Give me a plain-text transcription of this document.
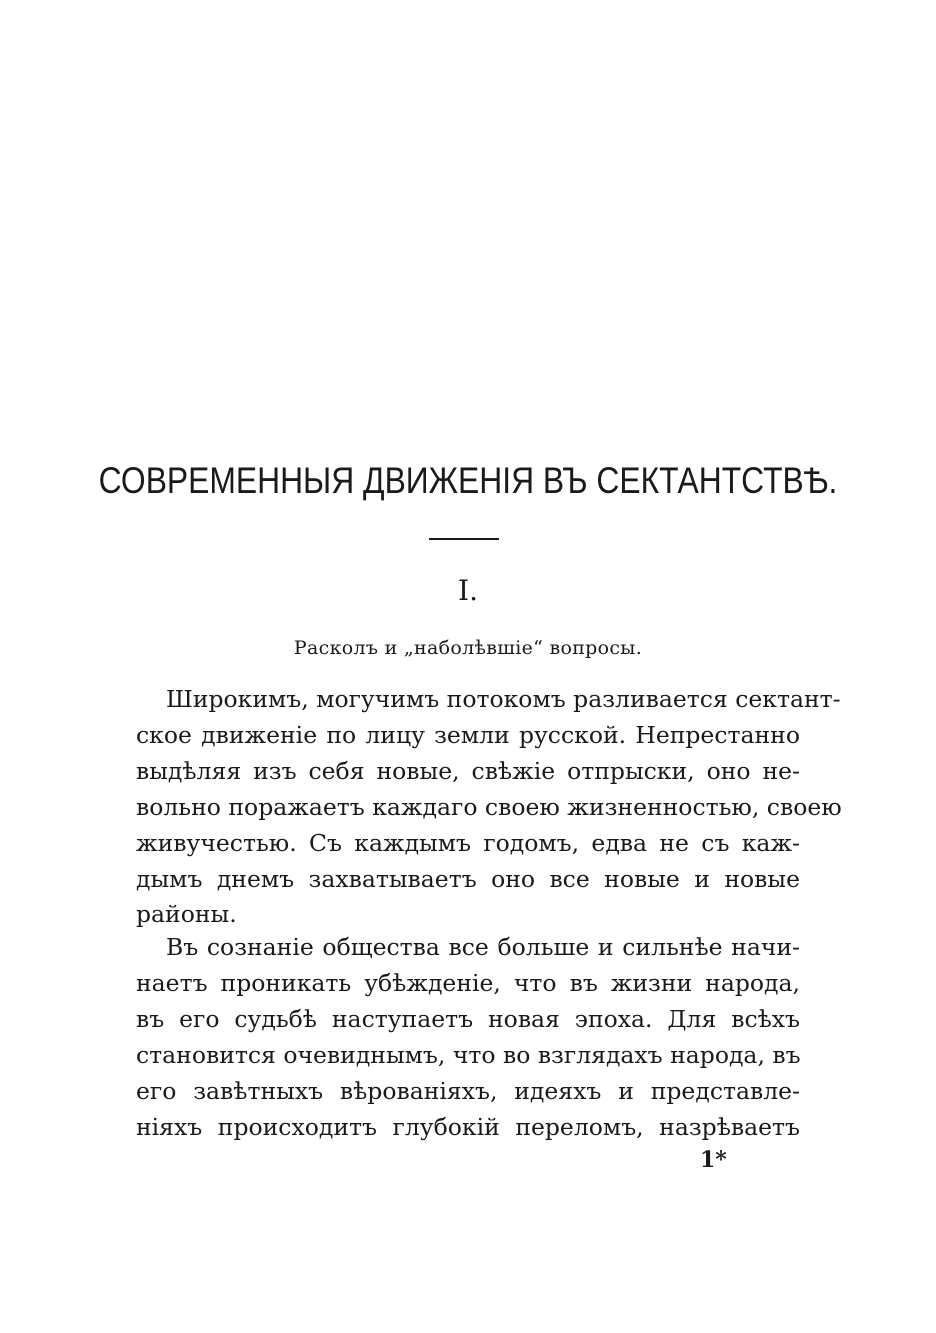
СОВРЕМЕННЫЯ ДВИЖЕНІЯ ВЪ СЕКТАНТСТВѢ.
I.
Расколъ и „наболѣвшіе“ вопросы.
Широкимъ, могучимъ потокомъ разливается сектант-
ское движеніе по лицу земли русской. Непрестанно
выдѣляя изъ себя новые, свѣжіе отпрыски, оно не-
вольно поражаетъ каждаго своею жизненностью, своею
живучестью. Съ каждымъ годомъ, едва не съ каж-
дымъ днемъ захватываетъ оно все новые и новые
районы.
Въ сознаніе общества все больше и сильнѣе начи-
наетъ проникать убѣжденіе, что въ жизни народа,
въ его судьбѣ наступаетъ новая эпоха. Для всѣхъ
становится очевиднымъ, что во взглядахъ народа, въ
его завѣтныхъ вѣрованіяхъ, идеяхъ и представле-
ніяхъ происходитъ глубокій переломъ, назрѣваетъ
1*
